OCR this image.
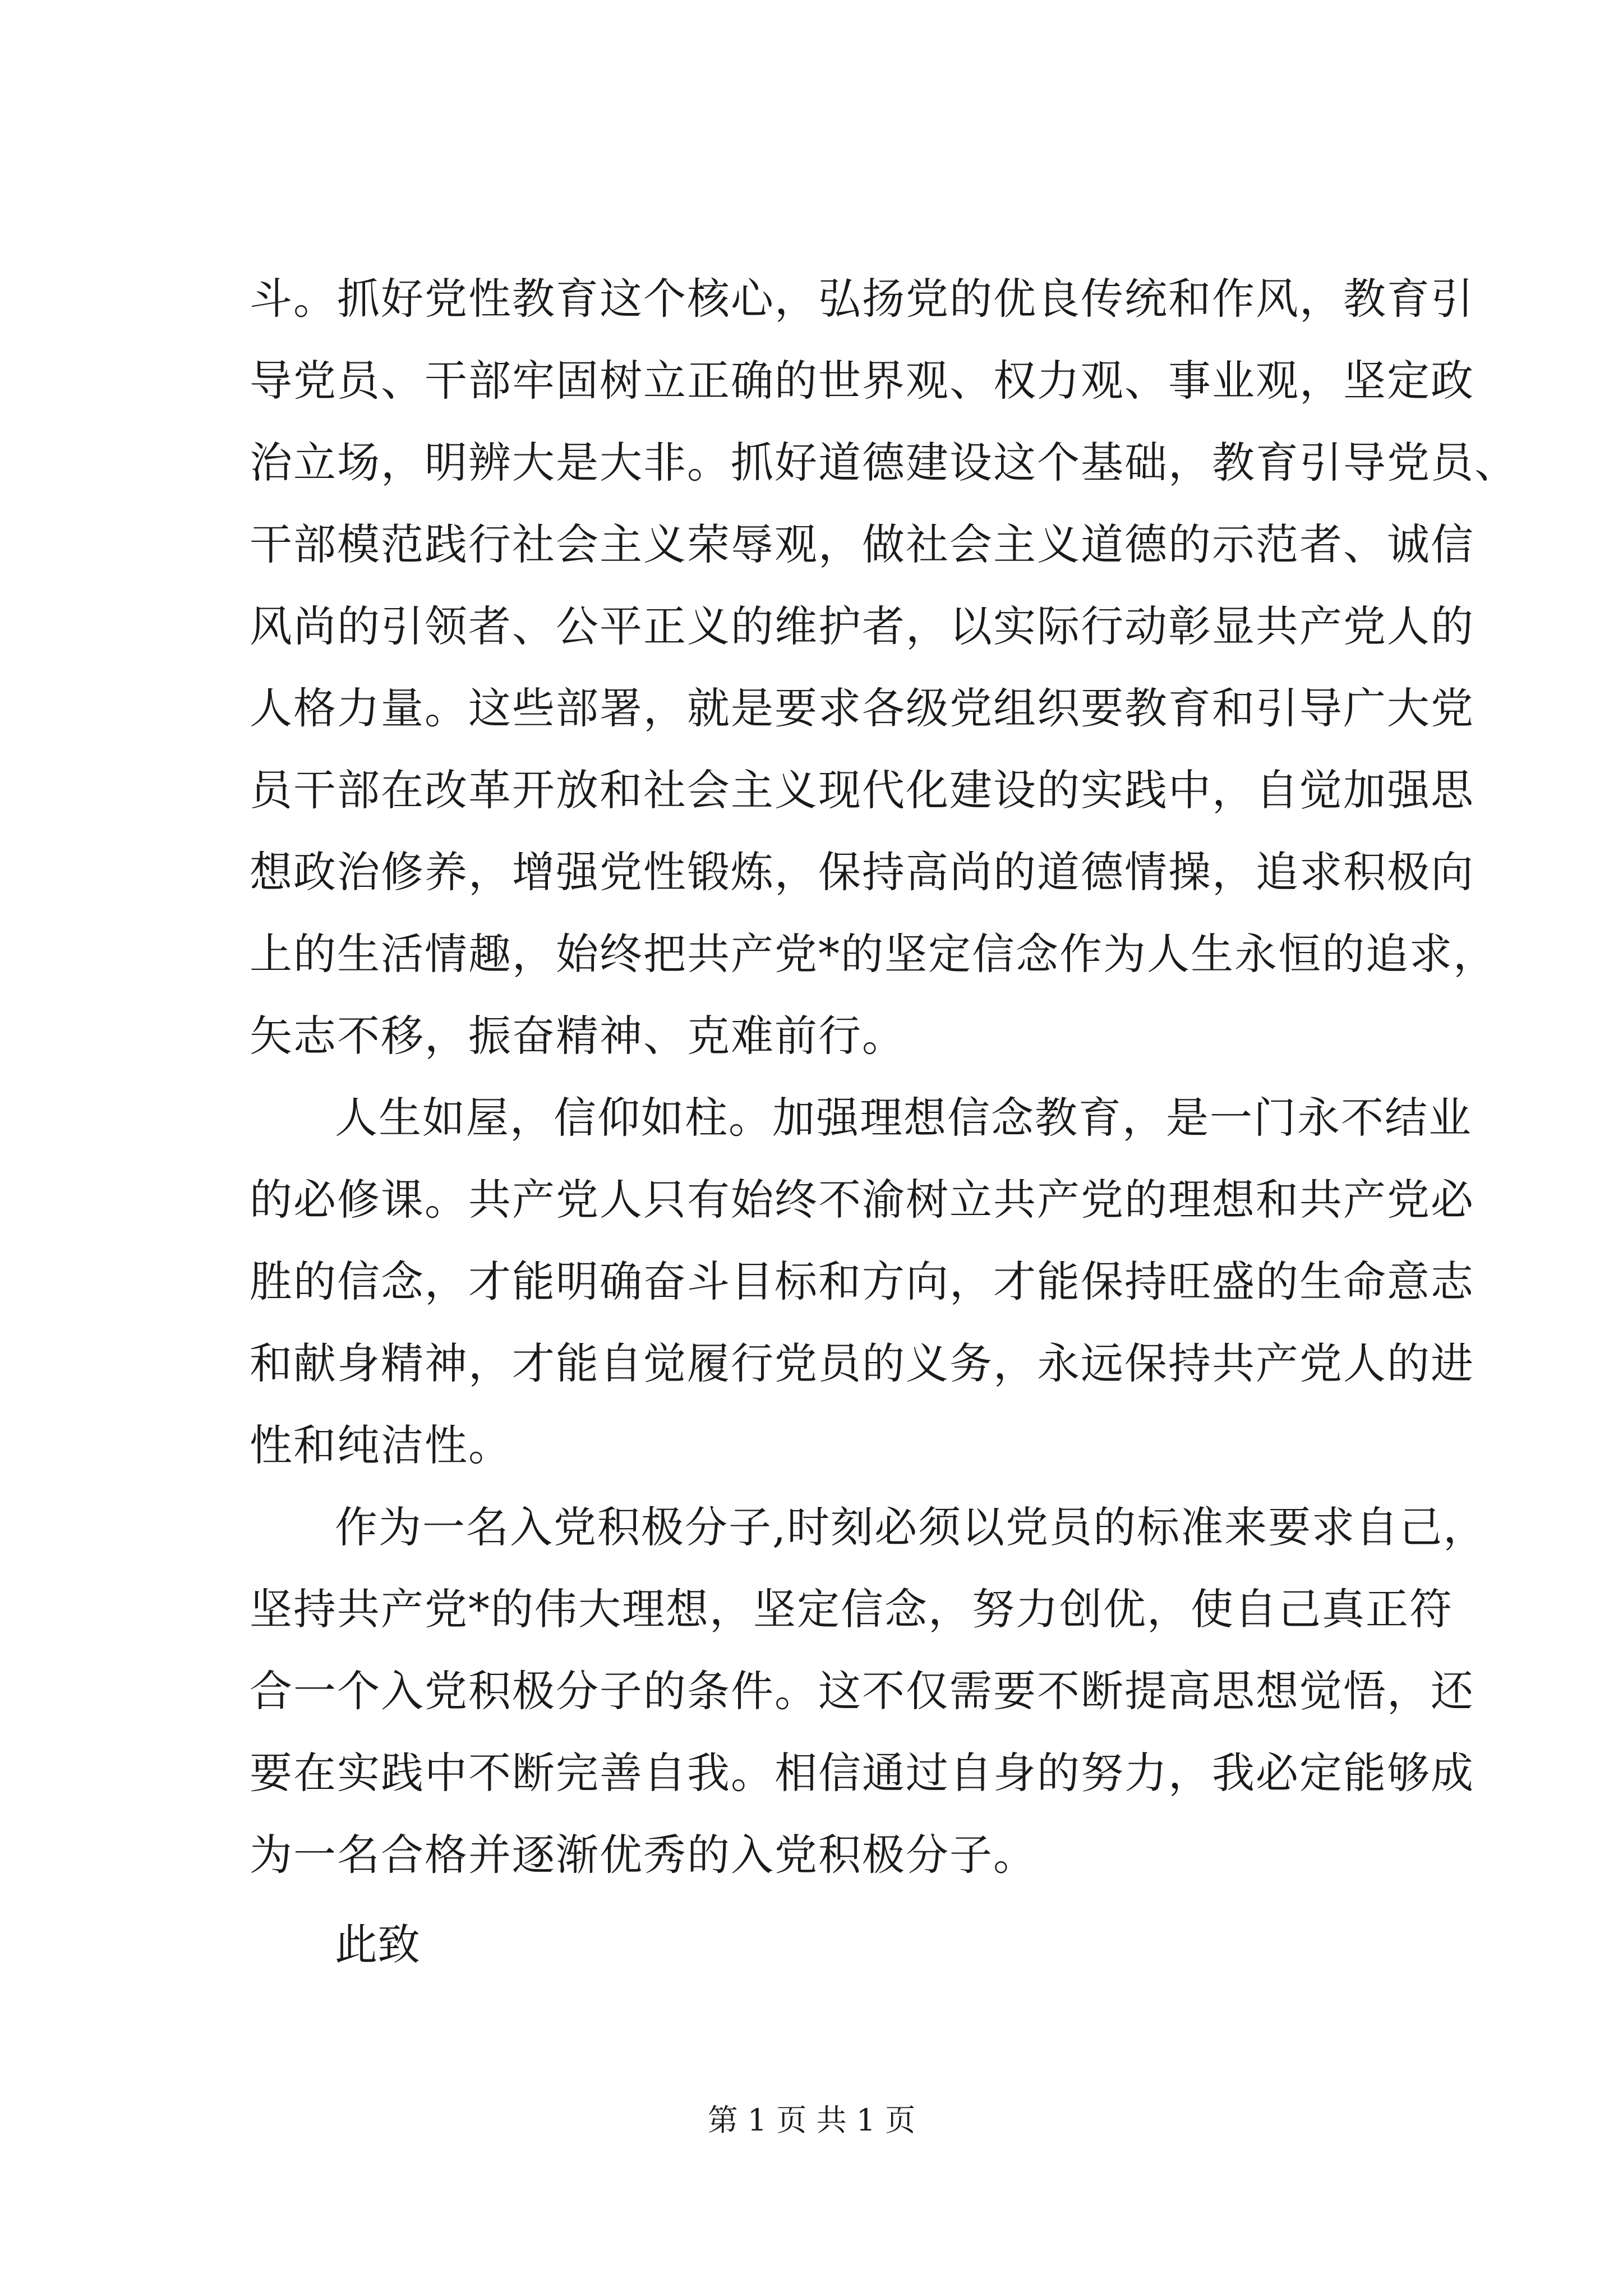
斗。抓好党性教育这个核心，弘扬党的优良传统和作风，教育引
导党员、干部牢固树立正确的世界观、权力观、事业观，坚定政
治立场，明辨大是大非。抓好道德建设这个基础，教育引导党员、
干部模范践行社会主义荣辱观，做社会主义道德的示范者、诚信
风尚的引领者、公平正义的维护者，以实际行动彰显共产党人的
人格力量。这些部署，就是要求各级党组织要教育和引导广大党
员干部在改革开放和社会主义现代化建设的实践中，自觉加强思
想政治修养，增强党性锻炼，保持高尚的道德情操，追求积极向
上的生活情趣，始终把共产党*的坚定信念作为人生永恒的追求，
矢志不移，振奋精神、克难前行。
人生如屋，信仰如柱。加强理想信念教育，是一门永不结业
的必修课。共产党人只有始终不渝树立共产党的理想和共产党必
胜的信念，才能明确奋斗目标和方向，才能保持旺盛的生命意志
和献身精神，才能自觉履行党员的义务，永远保持共产党人的进
性和纯洁性。
作为一名入党积极分子,时刻必须以党员的标准来要求自己，
坚持共产党*的伟大理想，坚定信念，努力创优，使自己真正符
合一个入党积极分子的条件。这不仅需要不断提高思想觉悟，还
要在实践中不断完善自我。相信通过自身的努力，我必定能够成
为一名合格并逐渐优秀的入党积极分子。
此致
第 1 页 共 1 页
